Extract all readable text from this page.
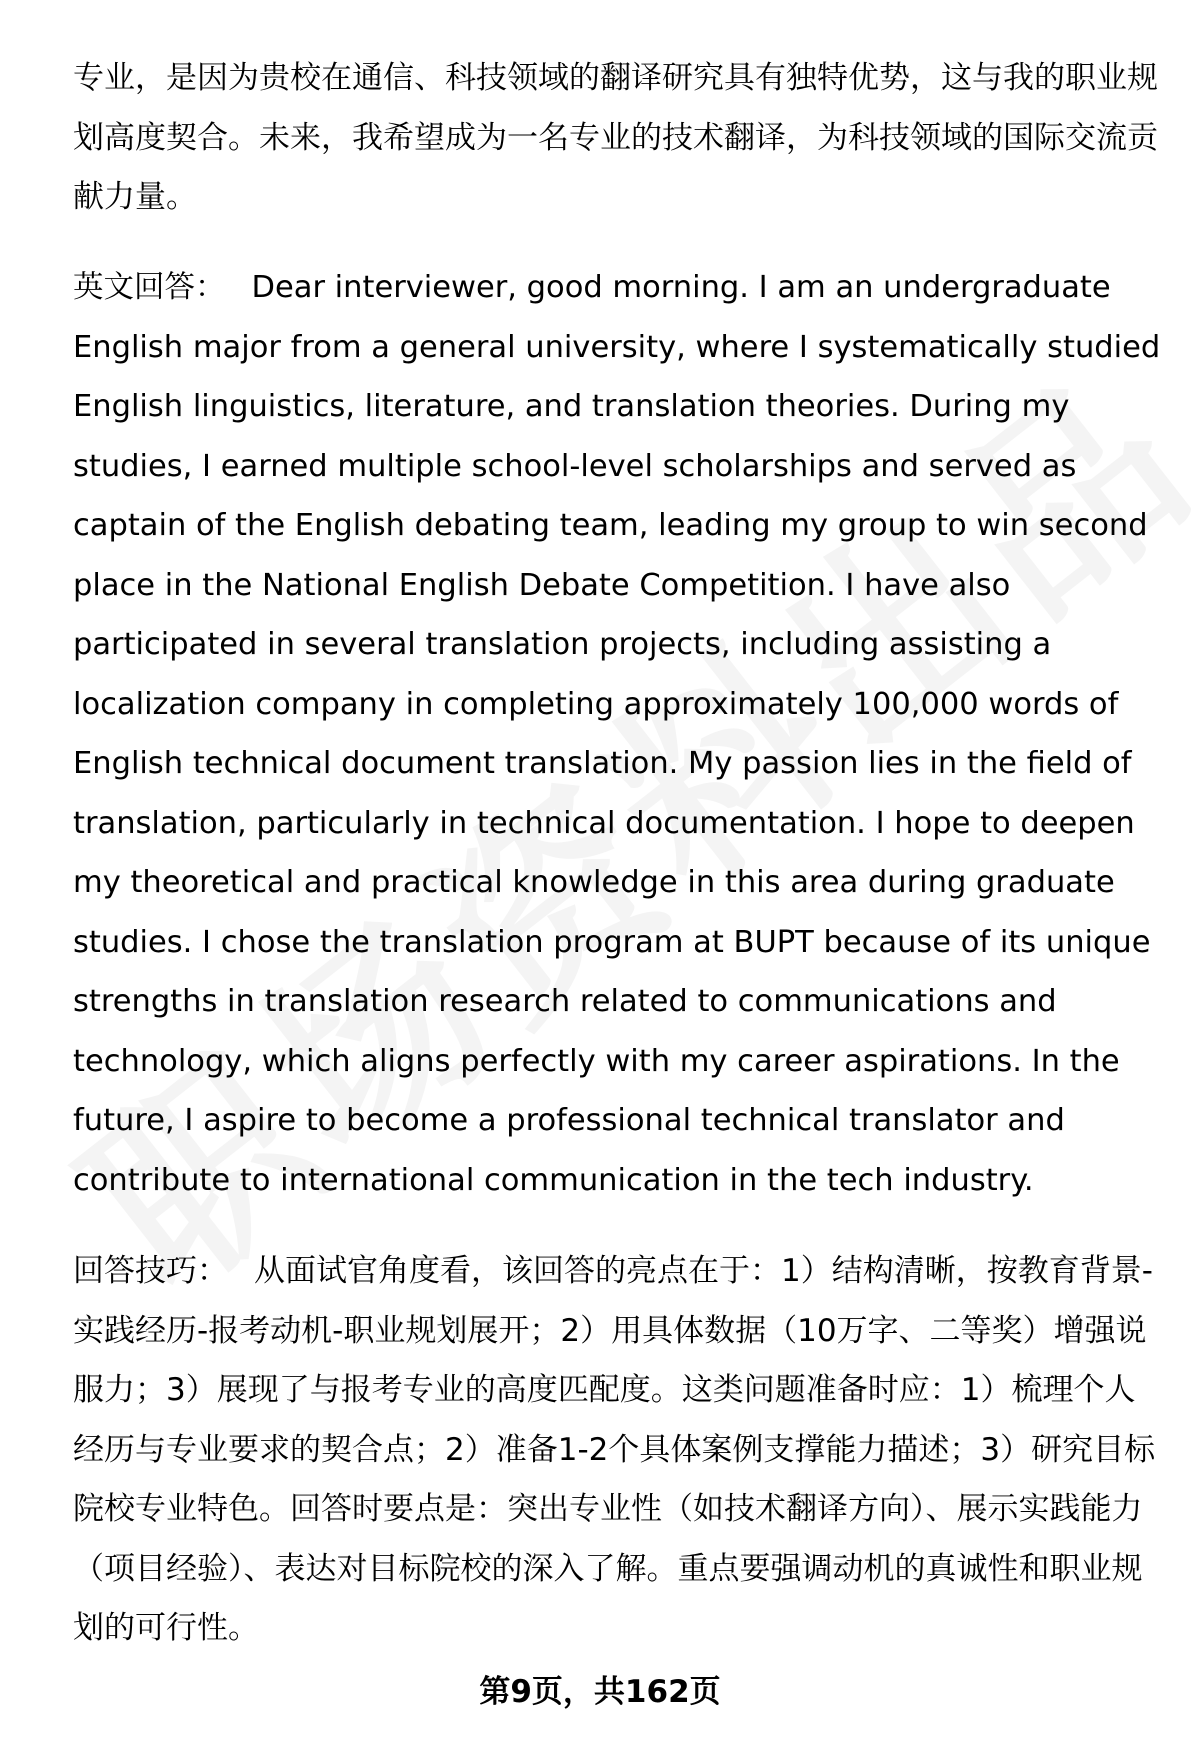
专业，是因为贵校在通信、科技领域的翻译研究具有独特优势，这与我的职业规划高度契合。未来，我希望成为一名专业的技术翻译，为科技领域的国际交流贡献力量。

英文回答： Dear interviewer, good morning. I am an undergraduate English major from a general university, where I systematically studied English linguistics, literature, and translation theories. During my studies, I earned multiple school-level scholarships and served as captain of the English debating team, leading my group to win second place in the National English Debate Competition. I have also participated in several translation projects, including assisting a localization company in completing approximately 100,000 words of English technical document translation. My passion lies in the field of translation, particularly in technical documentation. I hope to deepen my theoretical and practical knowledge in this area during graduate studies. I chose the translation program at BUPT because of its unique strengths in translation research related to communications and technology, which aligns perfectly with my career aspirations. In the future, I aspire to become a professional technical translator and contribute to international communication in the tech industry.

回答技巧： 从面试官角度看，该回答的亮点在于：1）结构清晰，按教育背景-实践经历-报考动机-职业规划展开；2）用具体数据（10万字、二等奖）增强说服力；3）展现了与报考专业的高度匹配度。这类问题准备时应：1）梳理个人经历与专业要求的契合点；2）准备1-2个具体案例支撑能力描述；3）研究目标院校专业特色。回答时要点是：突出专业性（如技术翻译方向）、展示实践能力（项目经验）、表达对目标院校的深入了解。重点要强调动机的真诚性和职业规划的可行性。

第9页，共162页
